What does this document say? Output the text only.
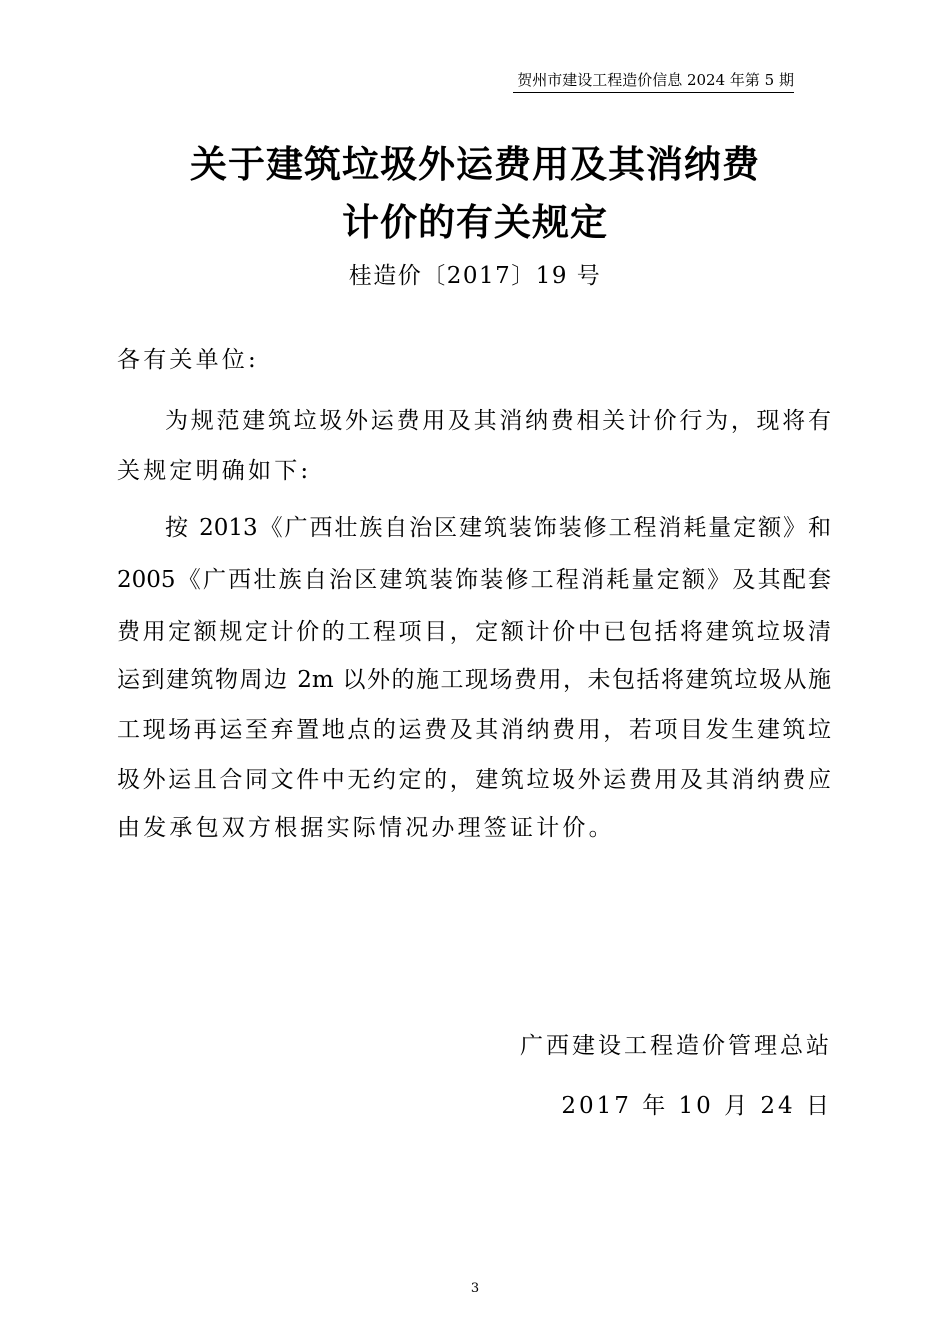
贺州市建设工程造价信息 2024 年第 5 期
关于建筑垃圾外运费用及其消纳费
计价的有关规定
桂造价〔2017〕19 号
各有关单位:
为规范建筑垃圾外运费用及其消纳费相关计价行为，现将有
关规定明确如下:
按 2013《广西壮族自治区建筑装饰装修工程消耗量定额》和
2005《广西壮族自治区建筑装饰装修工程消耗量定额》及其配套
费用定额规定计价的工程项目，定额计价中已包括将建筑垃圾清
运到建筑物周边 2m 以外的施工现场费用，未包括将建筑垃圾从施
工现场再运至弃置地点的运费及其消纳费用，若项目发生建筑垃
圾外运且合同文件中无约定的，建筑垃圾外运费用及其消纳费应
由发承包双方根据实际情况办理签证计价。
广西建设工程造价管理总站
2017 年 10 月 24 日
3
